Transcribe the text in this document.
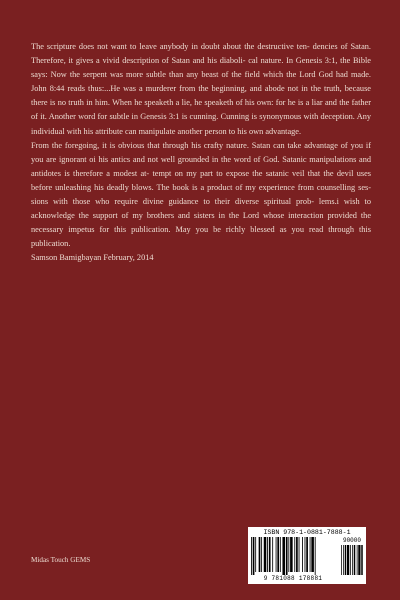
The scripture does not want to leave anybody in doubt about the destructive ten- dencies of Satan. Therefore, it gives a vivid description of Satan and his diaboli- cal nature. In Genesis 3:1, the Bible says: Now the serpent was more subtle than any beast of the field which the Lord God had made. John 8:44 reads thus:...He was a murderer from the beginning, and abode not in the truth, because there is no truth in him. When he speaketh a lie, he speaketh of his own: for he is a liar and the father of it. Another word for subtle in Genesis 3:1 is cunning. Cunning is synonymous with deception. Any individual with his attribute can manipulate another person to his own advantage.

From the foregoing, it is obvious that through his crafty nature. Satan can take advantage of you if you are ignorant oi his antics and not well grounded in the word of God. Satanic manipulations and antidotes is therefore a modest at- tempt on my part to expose the satanic veil that the devil uses before unleashing his deadly blows. The book is a product of my experience from counselling ses- sions with those who require divine guidance to their diverse spiritual prob- lems.i wish to acknowledge the support of my brothers and sisters in the Lord whose interaction provided the necessary impetus for this publication. May you be richly blessed as you read through this publication.

Samson Bamigbayan February, 2014

Midas Touch GEMS
ISBN 978-1-0881-7888-1
90000
9 781088 178881
